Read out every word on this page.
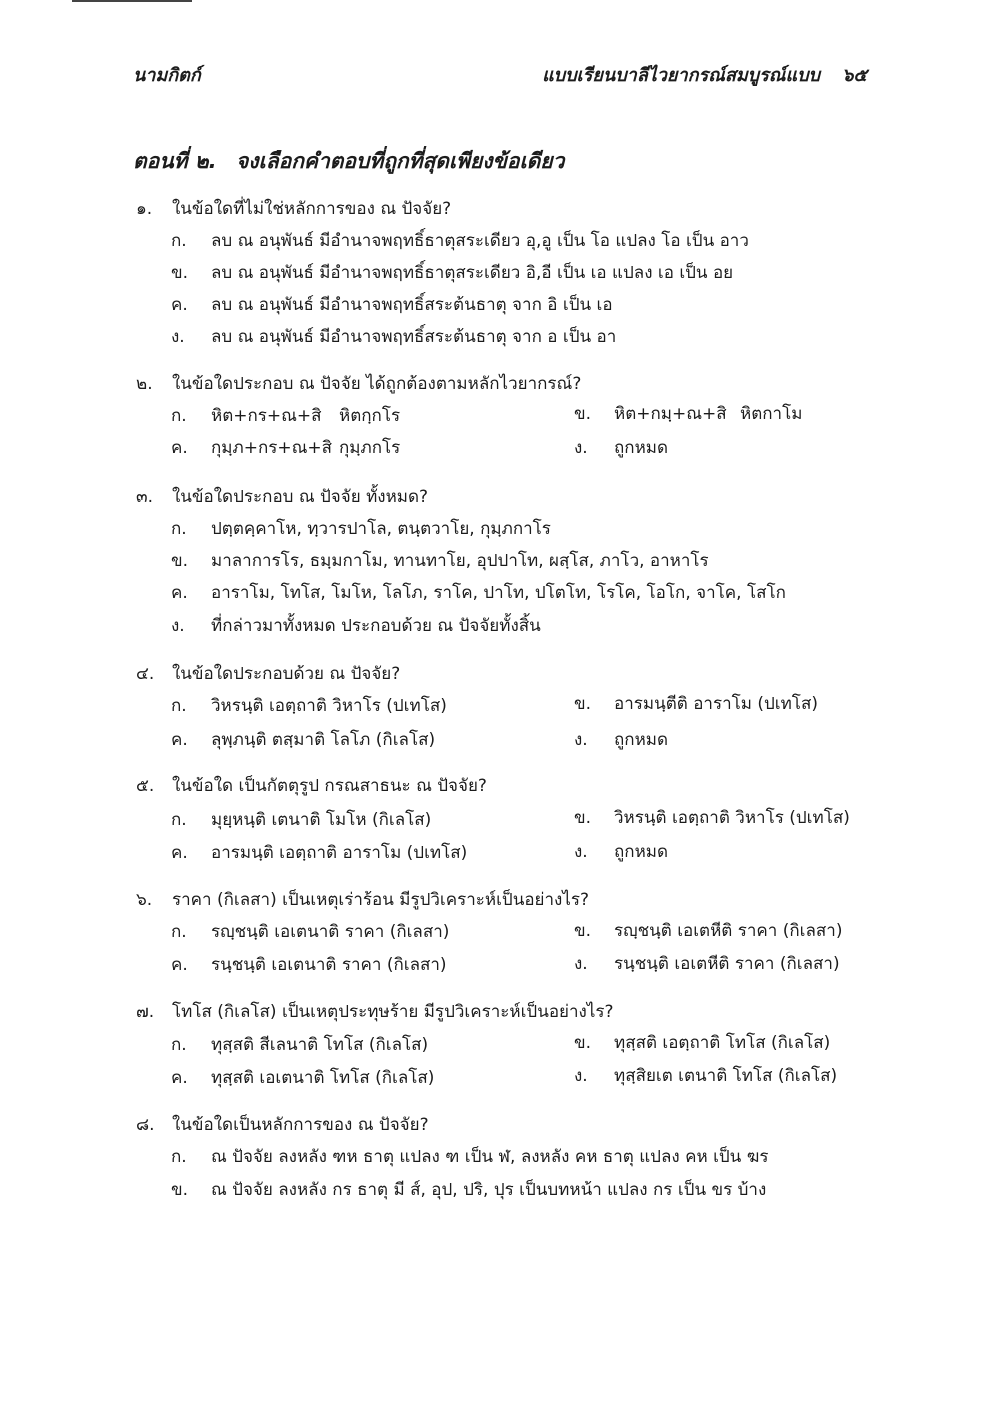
นามกิตก์	แบบเรียนบาลีไวยากรณ์สมบูรณ์แบบ ๖๕
ตอนที่ ๒. จงเลือกคำตอบที่ถูกที่สุดเพียงข้อเดียว
๑.	ในข้อใดที่ไม่ใช่หลักการของ ณ ปัจจัย?
ก.	ลบ ณ อนุพันธ์ มีอำนาจพฤทธิ์ธาตุสระเดียว อุ,อู เป็น โอ แปลง โอ เป็น อาว
ข.	ลบ ณ อนุพันธ์ มีอำนาจพฤทธิ์ธาตุสระเดียว อิ,อี เป็น เอ แปลง เอ เป็น อย
ค.	ลบ ณ อนุพันธ์ มีอำนาจพฤทธิ์สระต้นธาตุ จาก อิ เป็น เอ
ง.	ลบ ณ อนุพันธ์ มีอำนาจพฤทธิ์สระต้นธาตุ จาก อ เป็น อา
๒.	ในข้อใดประกอบ ณ ปัจจัย ได้ถูกต้องตามหลักไวยากรณ์?
ก.	หิต+กร+ณ+สิ	หิตกฺกโร	ข.	หิต+กมฺ+ณ+สิ หิตกาโม
ค.	กุมฺภ+กร+ณ+สิ กุมฺภกโร	ง.	ถูกหมด
๓.	ในข้อใดประกอบ ณ ปัจจัย ทั้งหมด?
ก.	ปตฺตคฺคาโห, ทฺวารปาโล, ตนฺตวาโย, กุมฺภกาโร
ข.	มาลาการโร, ธมฺมกาโม, ทานทาโย, อุปปาโท, ผสฺโส, ภาโว, อาหาโร
ค.	อาราโม, โทโส, โมโห, โลโภ, ราโค, ปาโท, ปโตโท, โรโค, โอโก, จาโค, โสโก
ง.	ที่กล่าวมาทั้งหมด ประกอบด้วย ณ ปัจจัยทั้งสิ้น
๔.	ในข้อใดประกอบด้วย ณ ปัจจัย?
ก.	วิหรนฺติ เอตฺถาติ วิหาโร (ปเทโส)	ข.	อารมนฺตีติ อาราโม (ปเทโส)
ค.	ลุพฺภนฺติ ตสฺมาติ โลโภ (กิเลโส)	ง.	ถูกหมด
๕.	ในข้อใด เป็นกัตตุรูป กรณสาธนะ ณ ปัจจัย?
ก.	มุยฺหนฺติ เตนาติ โมโห (กิเลโส)	ข.	วิหรนฺติ เอตฺถาติ วิหาโร (ปเทโส)
ค.	อารมนฺติ เอตฺถาติ อาราโม (ปเทโส)	ง.	ถูกหมด
๖.	ราคา (กิเลสา) เป็นเหตุเร่าร้อน มีรูปวิเคราะห์เป็นอย่างไร?
ก.	รญฺชนฺติ เอเตนาติ ราคา (กิเลสา)	ข.	รญฺชนฺติ เอเตหีติ ราคา (กิเลสา)
ค.	รนฺชนฺติ เอเตนาติ ราคา (กิเลสา)	ง.	รนฺชนฺติ เอเตหีติ ราคา (กิเลสา)
๗.	โทโส (กิเลโส) เป็นเหตุประทุษร้าย มีรูปวิเคราะห์เป็นอย่างไร?
ก.	ทุสฺสติ สีเลนาติ โทโส (กิเลโส)	ข.	ทุสฺสติ เอตฺถาติ โทโส (กิเลโส)
ค.	ทุสฺสติ เอเตนาติ โทโส (กิเลโส)	ง.	ทุสฺสิยเต เตนาติ โทโส (กิเลโส)
๘.	ในข้อใดเป็นหลักการของ ณ ปัจจัย?
ก.	ณ ปัจจัย ลงหลัง ฑห ธาตุ แปลง ฑ เป็น ฬ, ลงหลัง คห ธาตุ แปลง คห เป็น ฆร
ข.	ณ ปัจจัย ลงหลัง กร ธาตุ มี ส์, อุป, ปริ, ปุร เป็นบทหน้า แปลง กร เป็น ขร บ้าง
